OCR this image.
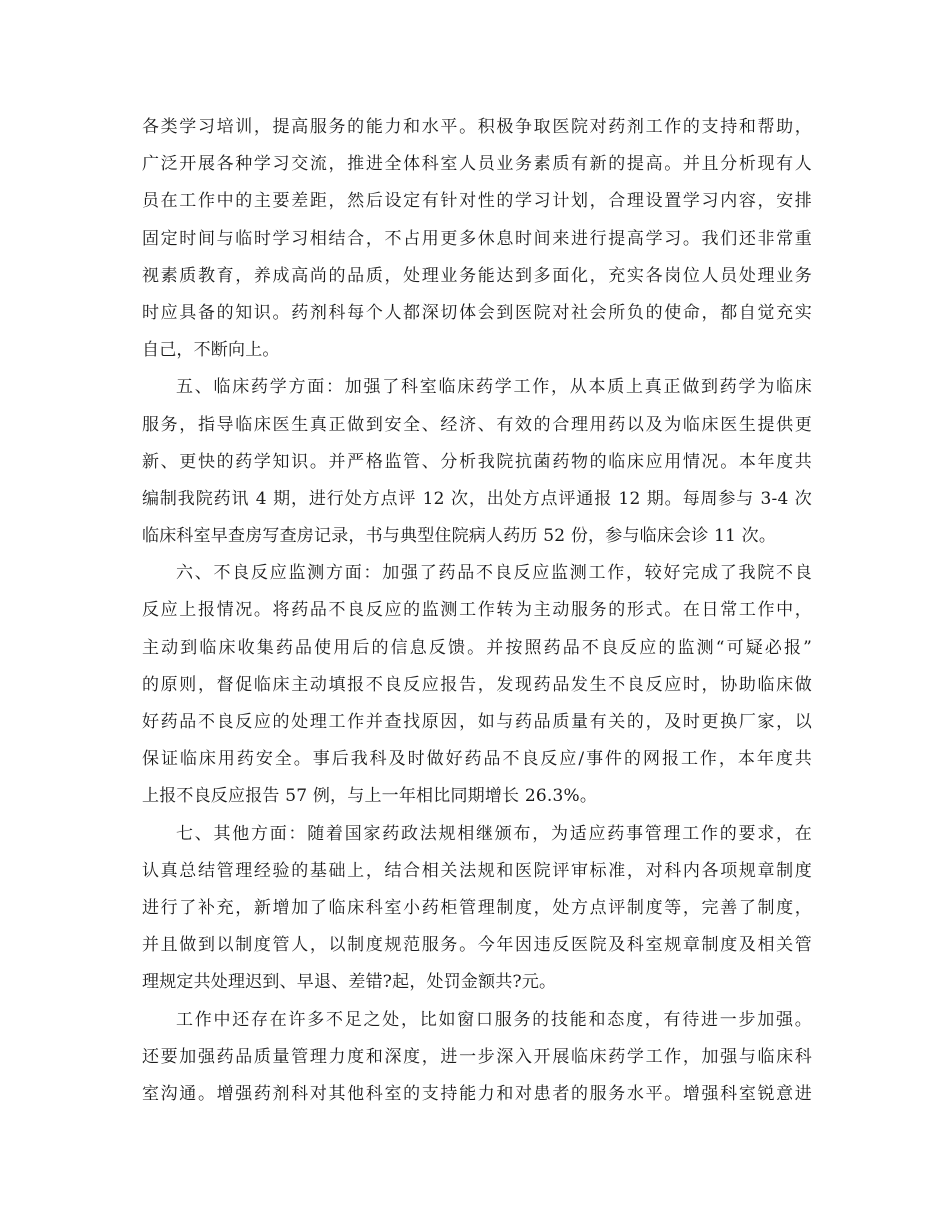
各类学习培训，提高服务的能力和水平。积极争取医院对药剂工作的支持和帮助，
广泛开展各种学习交流，推进全体科室人员业务素质有新的提高。并且分析现有人
员在工作中的主要差距，然后设定有针对性的学习计划，合理设置学习内容，安排
固定时间与临时学习相结合，不占用更多休息时间来进行提高学习。我们还非常重
视素质教育，养成高尚的品质，处理业务能达到多面化，充实各岗位人员处理业务
时应具备的知识。药剂科每个人都深切体会到医院对社会所负的使命，都自觉充实
自己，不断向上。
五、临床药学方面：加强了科室临床药学工作，从本质上真正做到药学为临床
服务，指导临床医生真正做到安全、经济、有效的合理用药以及为临床医生提供更
新、更快的药学知识。并严格监管、分析我院抗菌药物的临床应用情况。本年度共
编制我院药讯 4 期，进行处方点评 12 次，出处方点评通报 12 期。每周参与 3-4 次
临床科室早查房写查房记录，书与典型住院病人药历 52 份，参与临床会诊 11 次。
六、不良反应监测方面：加强了药品不良反应监测工作，较好完成了我院不良
反应上报情况。将药品不良反应的监测工作转为主动服务的形式。在日常工作中，
主动到临床收集药品使用后的信息反馈。并按照药品不良反应的监测“可疑必报”
的原则，督促临床主动填报不良反应报告，发现药品发生不良反应时，协助临床做
好药品不良反应的处理工作并查找原因，如与药品质量有关的，及时更换厂家，以
保证临床用药安全。事后我科及时做好药品不良反应/事件的网报工作，本年度共
上报不良反应报告 57 例，与上一年相比同期增长 26.3%。
七、其他方面：随着国家药政法规相继颁布，为适应药事管理工作的要求，在
认真总结管理经验的基础上，结合相关法规和医院评审标准，对科内各项规章制度
进行了补充，新增加了临床科室小药柜管理制度，处方点评制度等，完善了制度，
并且做到以制度管人，以制度规范服务。今年因违反医院及科室规章制度及相关管
理规定共处理迟到、早退、差错?起，处罚金额共?元。
工作中还存在许多不足之处，比如窗口服务的技能和态度，有待进一步加强。
还要加强药品质量管理力度和深度，进一步深入开展临床药学工作，加强与临床科
室沟通。增强药剂科对其他科室的支持能力和对患者的服务水平。增强科室锐意进
